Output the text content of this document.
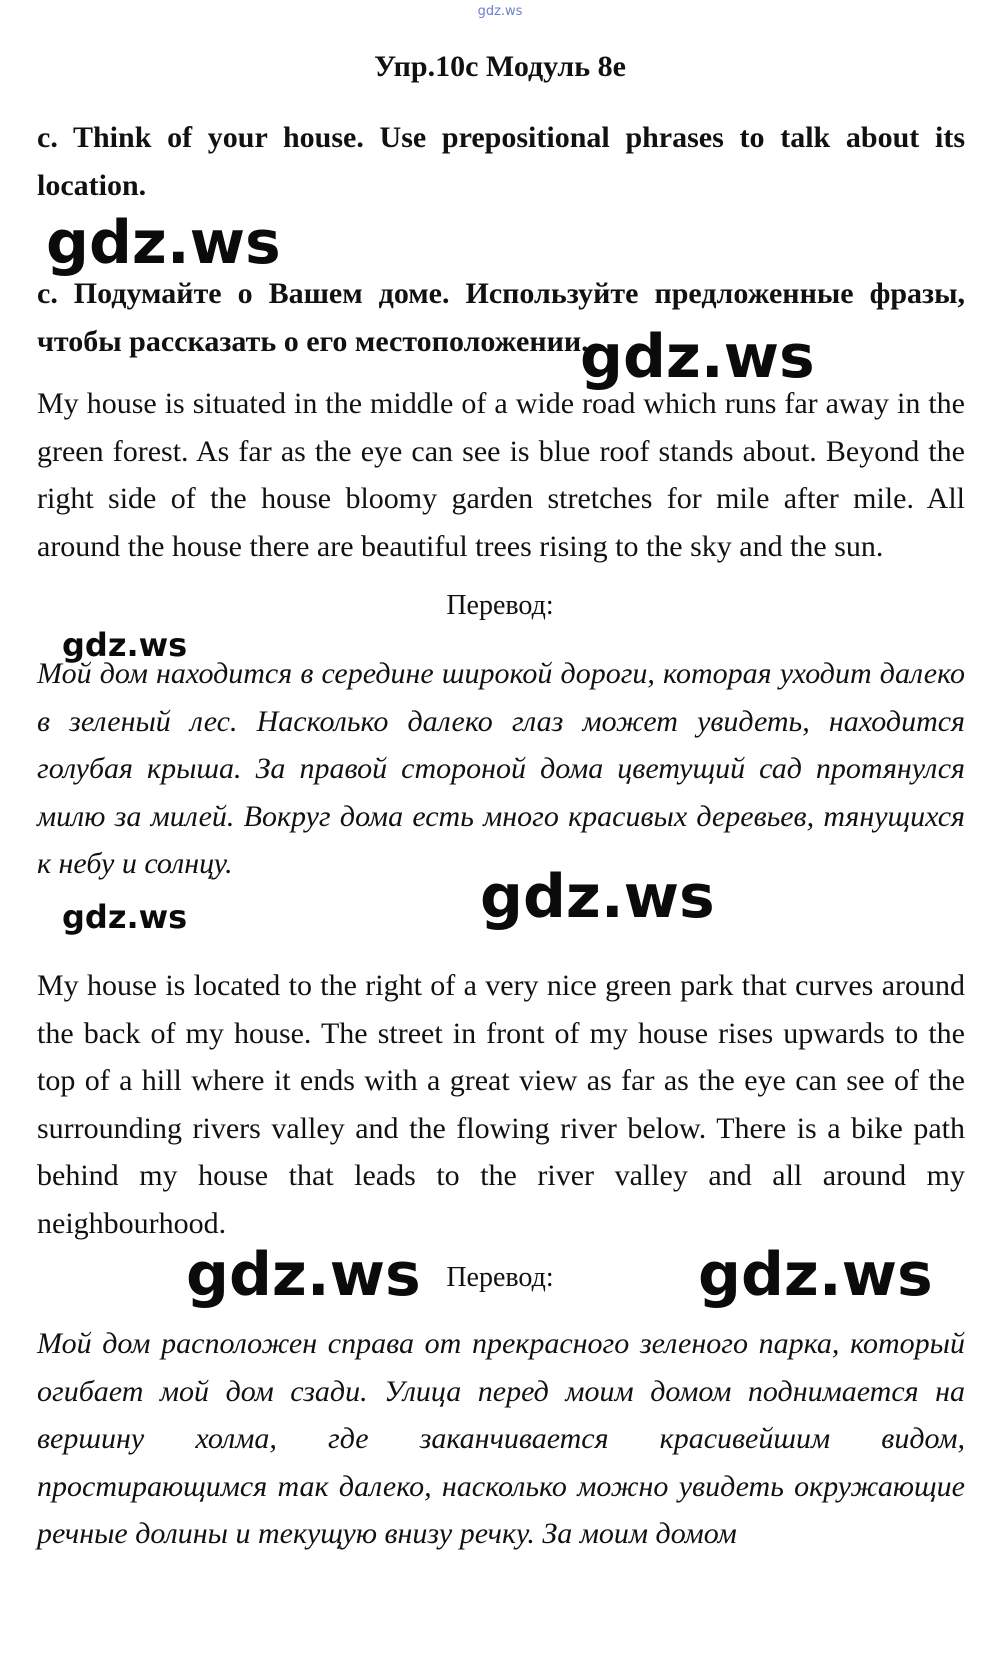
gdz.ws
Упр.10с Модуль 8е
c. Think of your house. Use prepositional phrases to talk about its location.
с. Подумайте о Вашем доме. Используйте предложенные фразы, чтобы рассказать о его местоположении.
My house is situated in the middle of a wide road which runs far away in the green forest. As far as the eye can see is blue roof stands about. Beyond the right side of the house bloomy garden stretches for mile after mile. All around the house there are beautiful trees rising to the sky and the sun.
Перевод:
Мой дом находится в середине широкой дороги, которая уходит далеко в зеленый лес. Насколько далеко глаз может увидеть, находится голубая крыша. За правой стороной дома цветущий сад протянулся милю за милей. Вокруг дома есть много красивых деревьев, тянущихся к небу и солнцу.
My house is located to the right of a very nice green park that curves around the back of my house. The street in front of my house rises upwards to the top of a hill where it ends with a great view as far as the eye can see of the surrounding rivers valley and the flowing river below. There is a bike path behind my house that leads to the river valley and all around my neighbourhood.
Перевод:
Мой дом расположен справа от прекрасного зеленого парка, который огибает мой дом сзади. Улица перед моим домом поднимается на вершину холма, где заканчивается красивейшим видом, простирающимся так далеко, насколько можно увидеть окружающие речные долины и текущую внизу речку. За моим домом
gdz.ws
gdz.ws
gdz.ws
gdz.ws
gdz.ws
gdz.ws	gdz.ws
